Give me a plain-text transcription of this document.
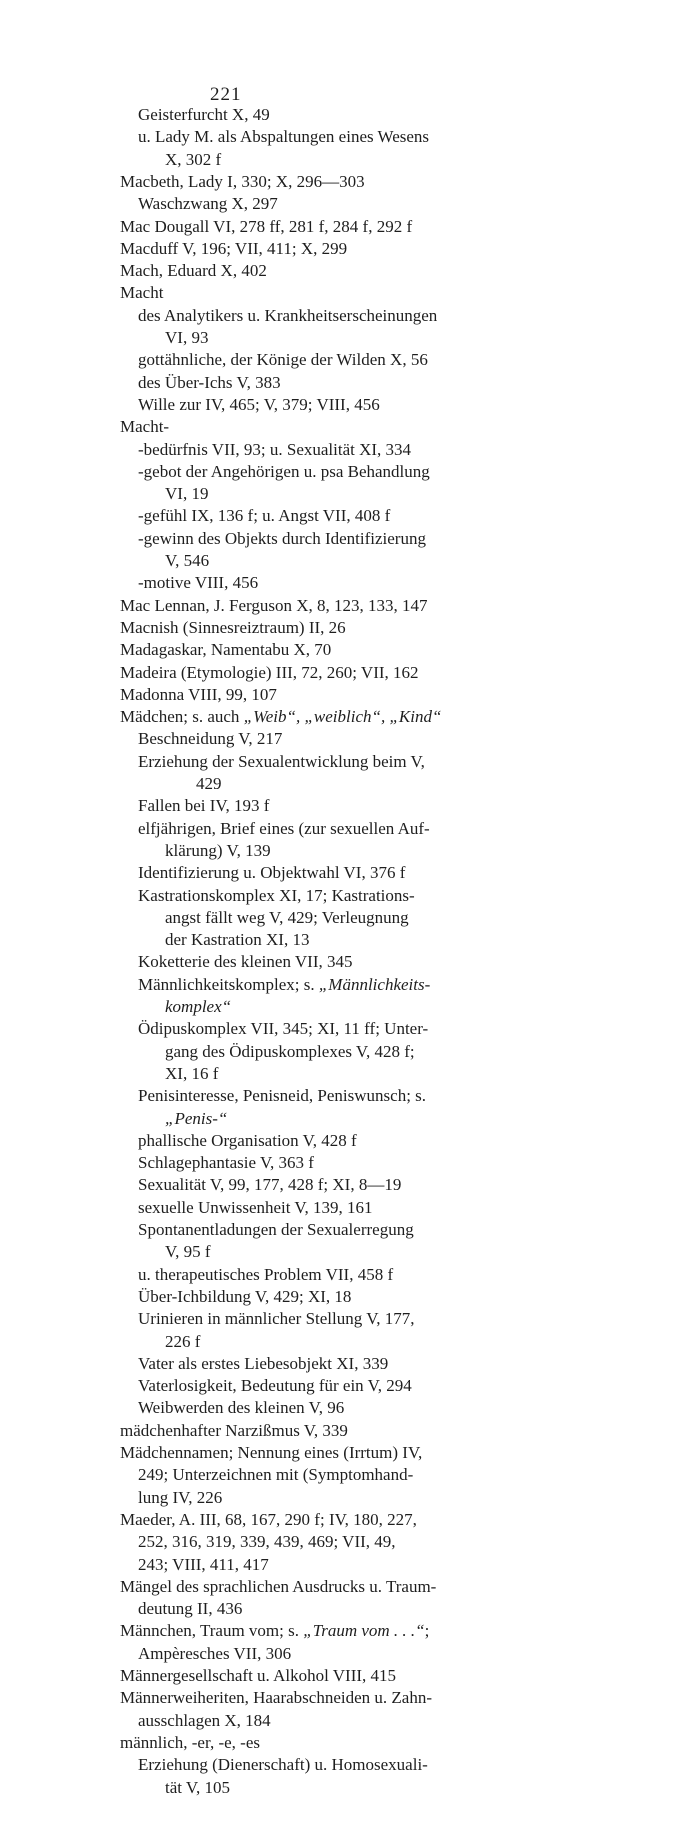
221
Geisterfurcht X, 49
u. Lady M. als Abspaltungen eines Wesens
X, 302 f
Macbeth, Lady I, 330; X, 296—303
Waschzwang X, 297
Mac Dougall VI, 278 ff, 281 f, 284 f, 292 f
Macduff V, 196; VII, 411; X, 299
Mach, Eduard X, 402
Macht
des Analytikers u. Krankheitserscheinungen
VI, 93
gottähnliche, der Könige der Wilden X, 56
des Über-Ichs V, 383
Wille zur IV, 465; V, 379; VIII, 456
Macht-
-bedürfnis VII, 93; u. Sexualität XI, 334
-gebot der Angehörigen u. psa Behandlung
VI, 19
-gefühl IX, 136 f; u. Angst VII, 408 f
-gewinn des Objekts durch Identifizierung
V, 546
-motive VIII, 456
Mac Lennan, J. Ferguson X, 8, 123, 133, 147
Macnish (Sinnesreiztraum) II, 26
Madagaskar, Namentabu X, 70
Madeira (Etymologie) III, 72, 260; VII, 162
Madonna VIII, 99, 107
Mädchen; s. auch „Weib“, „weiblich“, „Kind“
Beschneidung V, 217
Erziehung der Sexualentwicklung beim V,
429
Fallen bei IV, 193 f
elfjährigen, Brief eines (zur sexuellen Auf-
klärung) V, 139
Identifizierung u. Objektwahl VI, 376 f
Kastrationskomplex XI, 17; Kastrations-
angst fällt weg V, 429; Verleugnung
der Kastration XI, 13
Koketterie des kleinen VII, 345
Männlichkeitskomplex; s. „Männlichkeits-
komplex“
Ödipuskomplex VII, 345; XI, 11 ff; Unter-
gang des Ödipuskomplexes V, 428 f;
XI, 16 f
Penisinteresse, Penisneid, Peniswunsch; s.
„Penis-“
phallische Organisation V, 428 f
Schlagephantasie V, 363 f
Sexualität V, 99, 177, 428 f; XI, 8—19
sexuelle Unwissenheit V, 139, 161
Spontanentladungen der Sexualerregung
V, 95 f
u. therapeutisches Problem VII, 458 f
Über-Ichbildung V, 429; XI, 18
Urinieren in männlicher Stellung V, 177,
226 f
Vater als erstes Liebesobjekt XI, 339
Vaterlosigkeit, Bedeutung für ein V, 294
Weibwerden des kleinen V, 96
mädchenhafter Narzißmus V, 339
Mädchennamen; Nennung eines (Irrtum) IV,
249; Unterzeichnen mit (Symptomhand-
lung IV, 226
Maeder, A. III, 68, 167, 290 f; IV, 180, 227,
252, 316, 319, 339, 439, 469; VII, 49,
243; VIII, 411, 417
Mängel des sprachlichen Ausdrucks u. Traum-
deutung II, 436
Männchen, Traum vom; s. „Traum vom . . .“;
Ampèresches VII, 306
Männergesellschaft u. Alkohol VIII, 415
Männerweiheriten, Haarabschneiden u. Zahn-
ausschlagen X, 184
männlich, -er, -e, -es
Erziehung (Dienerschaft) u. Homosexuali-
tät V, 105
